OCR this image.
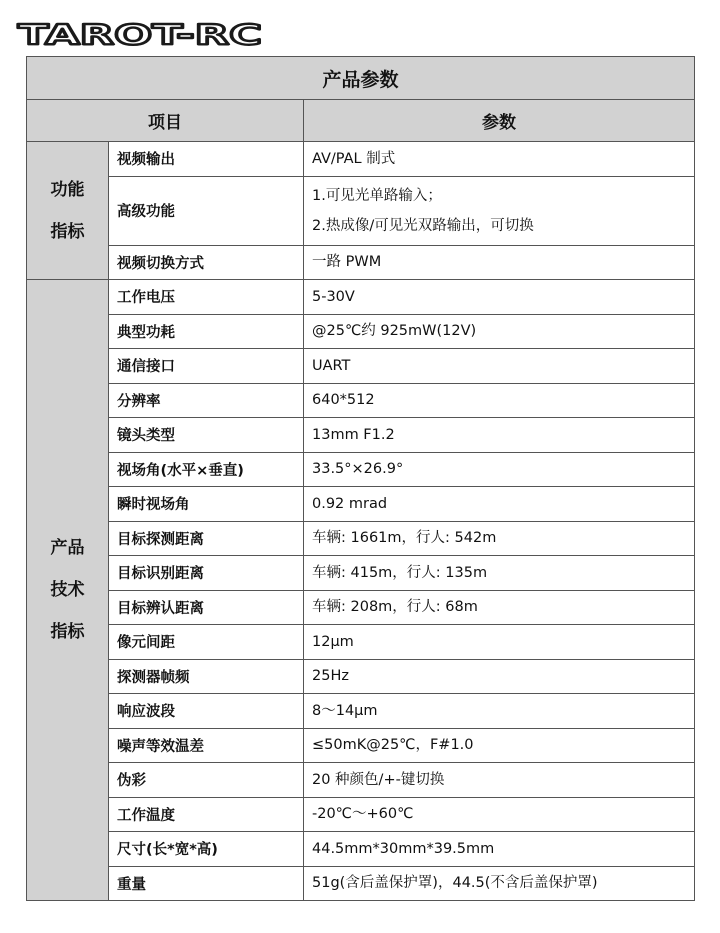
TAROT-RC
产品参数		
项目		参数

功能
指标	视频输出	AV/PAL 制式

	高级功能	1.可见光单路输入；
2.热成像/可见光双路输出，可切换

	视频切换方式	一路 PWM

产品
技术
指标	工作电压	5-30V

	典型功耗	@25℃约 925mW(12V)

	通信接口	UART

	分辨率	640*512

	镜头类型	13mm F1.2

	视场角(水平×垂直)	33.5°×26.9°

	瞬时视场角	0.92 mrad

	目标探测距离	车辆: 1661m，行人: 542m

	目标识别距离	车辆: 415m，行人: 135m

	目标辨认距离	车辆: 208m，行人: 68m

	像元间距	12μm

	探测器帧频	25Hz

	响应波段	8～14μm

	噪声等效温差	≤50mK@25℃，F#1.0

	伪彩	20 种颜色/+-键切换

	工作温度	-20℃～+60℃

	尺寸(长*宽*高)	44.5mm*30mm*39.5mm

	重量	51g(含后盖保护罩)，44.5(不含后盖保护罩)
